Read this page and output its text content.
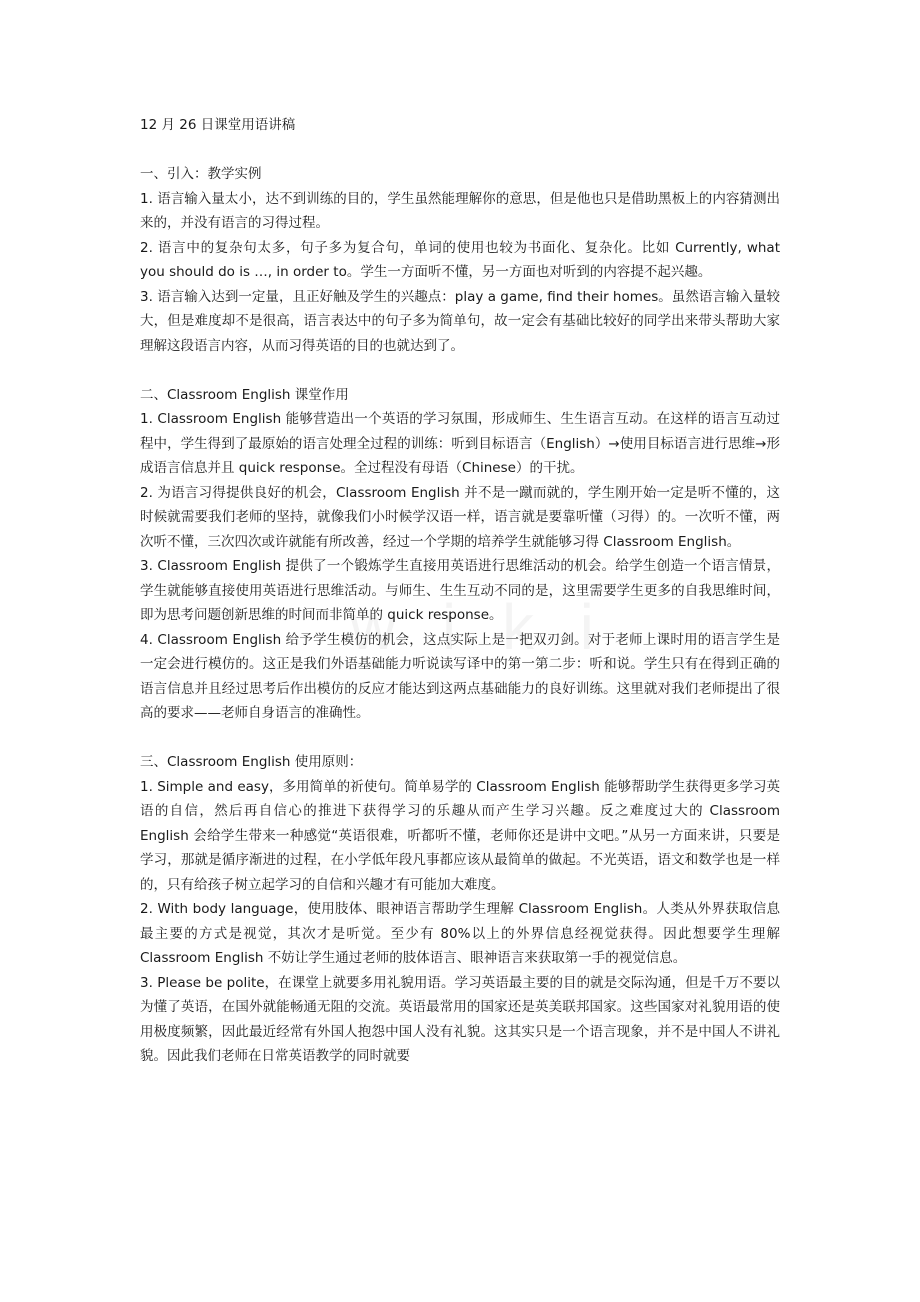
12 月 26 日课堂用语讲稿

一、引入：教学实例

1. 语言输入量太小，达不到训练的目的，学生虽然能理解你的意思，但是他也只是借助黑板上的内容猜测出来的，并没有语言的习得过程。

2. 语言中的复杂句太多，句子多为复合句，单词的使用也较为书面化、复杂化。比如 Currently, what you should do is …, in order to。学生一方面听不懂，另一方面也对听到的内容提不起兴趣。

3. 语言输入达到一定量，且正好触及学生的兴趣点：play a game, find their homes。虽然语言输入量较大，但是难度却不是很高，语言表达中的句子多为简单句，故一定会有基础比较好的同学出来带头帮助大家理解这段语言内容，从而习得英语的目的也就达到了。

二、Classroom English 课堂作用

1. Classroom English 能够营造出一个英语的学习氛围，形成师生、生生语言互动。在这样的语言互动过程中，学生得到了最原始的语言处理全过程的训练：听到目标语言（English）→使用目标语言进行思维→形成语言信息并且 quick response。全过程没有母语（Chinese）的干扰。

2. 为语言习得提供良好的机会，Classroom English 并不是一蹴而就的，学生刚开始一定是听不懂的，这时候就需要我们老师的坚持，就像我们小时候学汉语一样，语言就是要靠听懂（习得）的。一次听不懂，两次听不懂，三次四次或许就能有所改善，经过一个学期的培养学生就能够习得 Classroom English。

3. Classroom English 提供了一个锻炼学生直接用英语进行思维活动的机会。给学生创造一个语言情景，学生就能够直接使用英语进行思维活动。与师生、生生互动不同的是，这里需要学生更多的自我思维时间，即为思考问题创新思维的时间而非简单的 quick response。

4. Classroom English 给予学生模仿的机会，这点实际上是一把双刃剑。对于老师上课时用的语言学生是一定会进行模仿的。这正是我们外语基础能力听说读写译中的第一第二步：听和说。学生只有在得到正确的语言信息并且经过思考后作出模仿的反应才能达到这两点基础能力的良好训练。这里就对我们老师提出了很高的要求——老师自身语言的准确性。

三、Classroom English 使用原则：

1. Simple and easy，多用简单的祈使句。简单易学的 Classroom English 能够帮助学生获得更多学习英语的自信，然后再自信心的推进下获得学习的乐趣从而产生学习兴趣。反之难度过大的 Classroom English 会给学生带来一种感觉“英语很难，听都听不懂，老师你还是讲中文吧。”从另一方面来讲，只要是学习，那就是循序渐进的过程，在小学低年段凡事都应该从最简单的做起。不光英语，语文和数学也是一样的，只有给孩子树立起学习的自信和兴趣才有可能加大难度。

2. With body language，使用肢体、眼神语言帮助学生理解 Classroom English。人类从外界获取信息最主要的方式是视觉，其次才是听觉。至少有 80%以上的外界信息经视觉获得。因此想要学生理解 Classroom English 不妨让学生通过老师的肢体语言、眼神语言来获取第一手的视觉信息。

3. Please be polite，在课堂上就要多用礼貌用语。学习英语最主要的目的就是交际沟通，但是千万不要以为懂了英语，在国外就能畅通无阻的交流。英语最常用的国家还是英美联邦国家。这些国家对礼貌用语的使用极度频繁，因此最近经常有外国人抱怨中国人没有礼貌。这其实只是一个语言现象，并不是中国人不讲礼貌。因此我们老师在日常英语教学的同时就要
